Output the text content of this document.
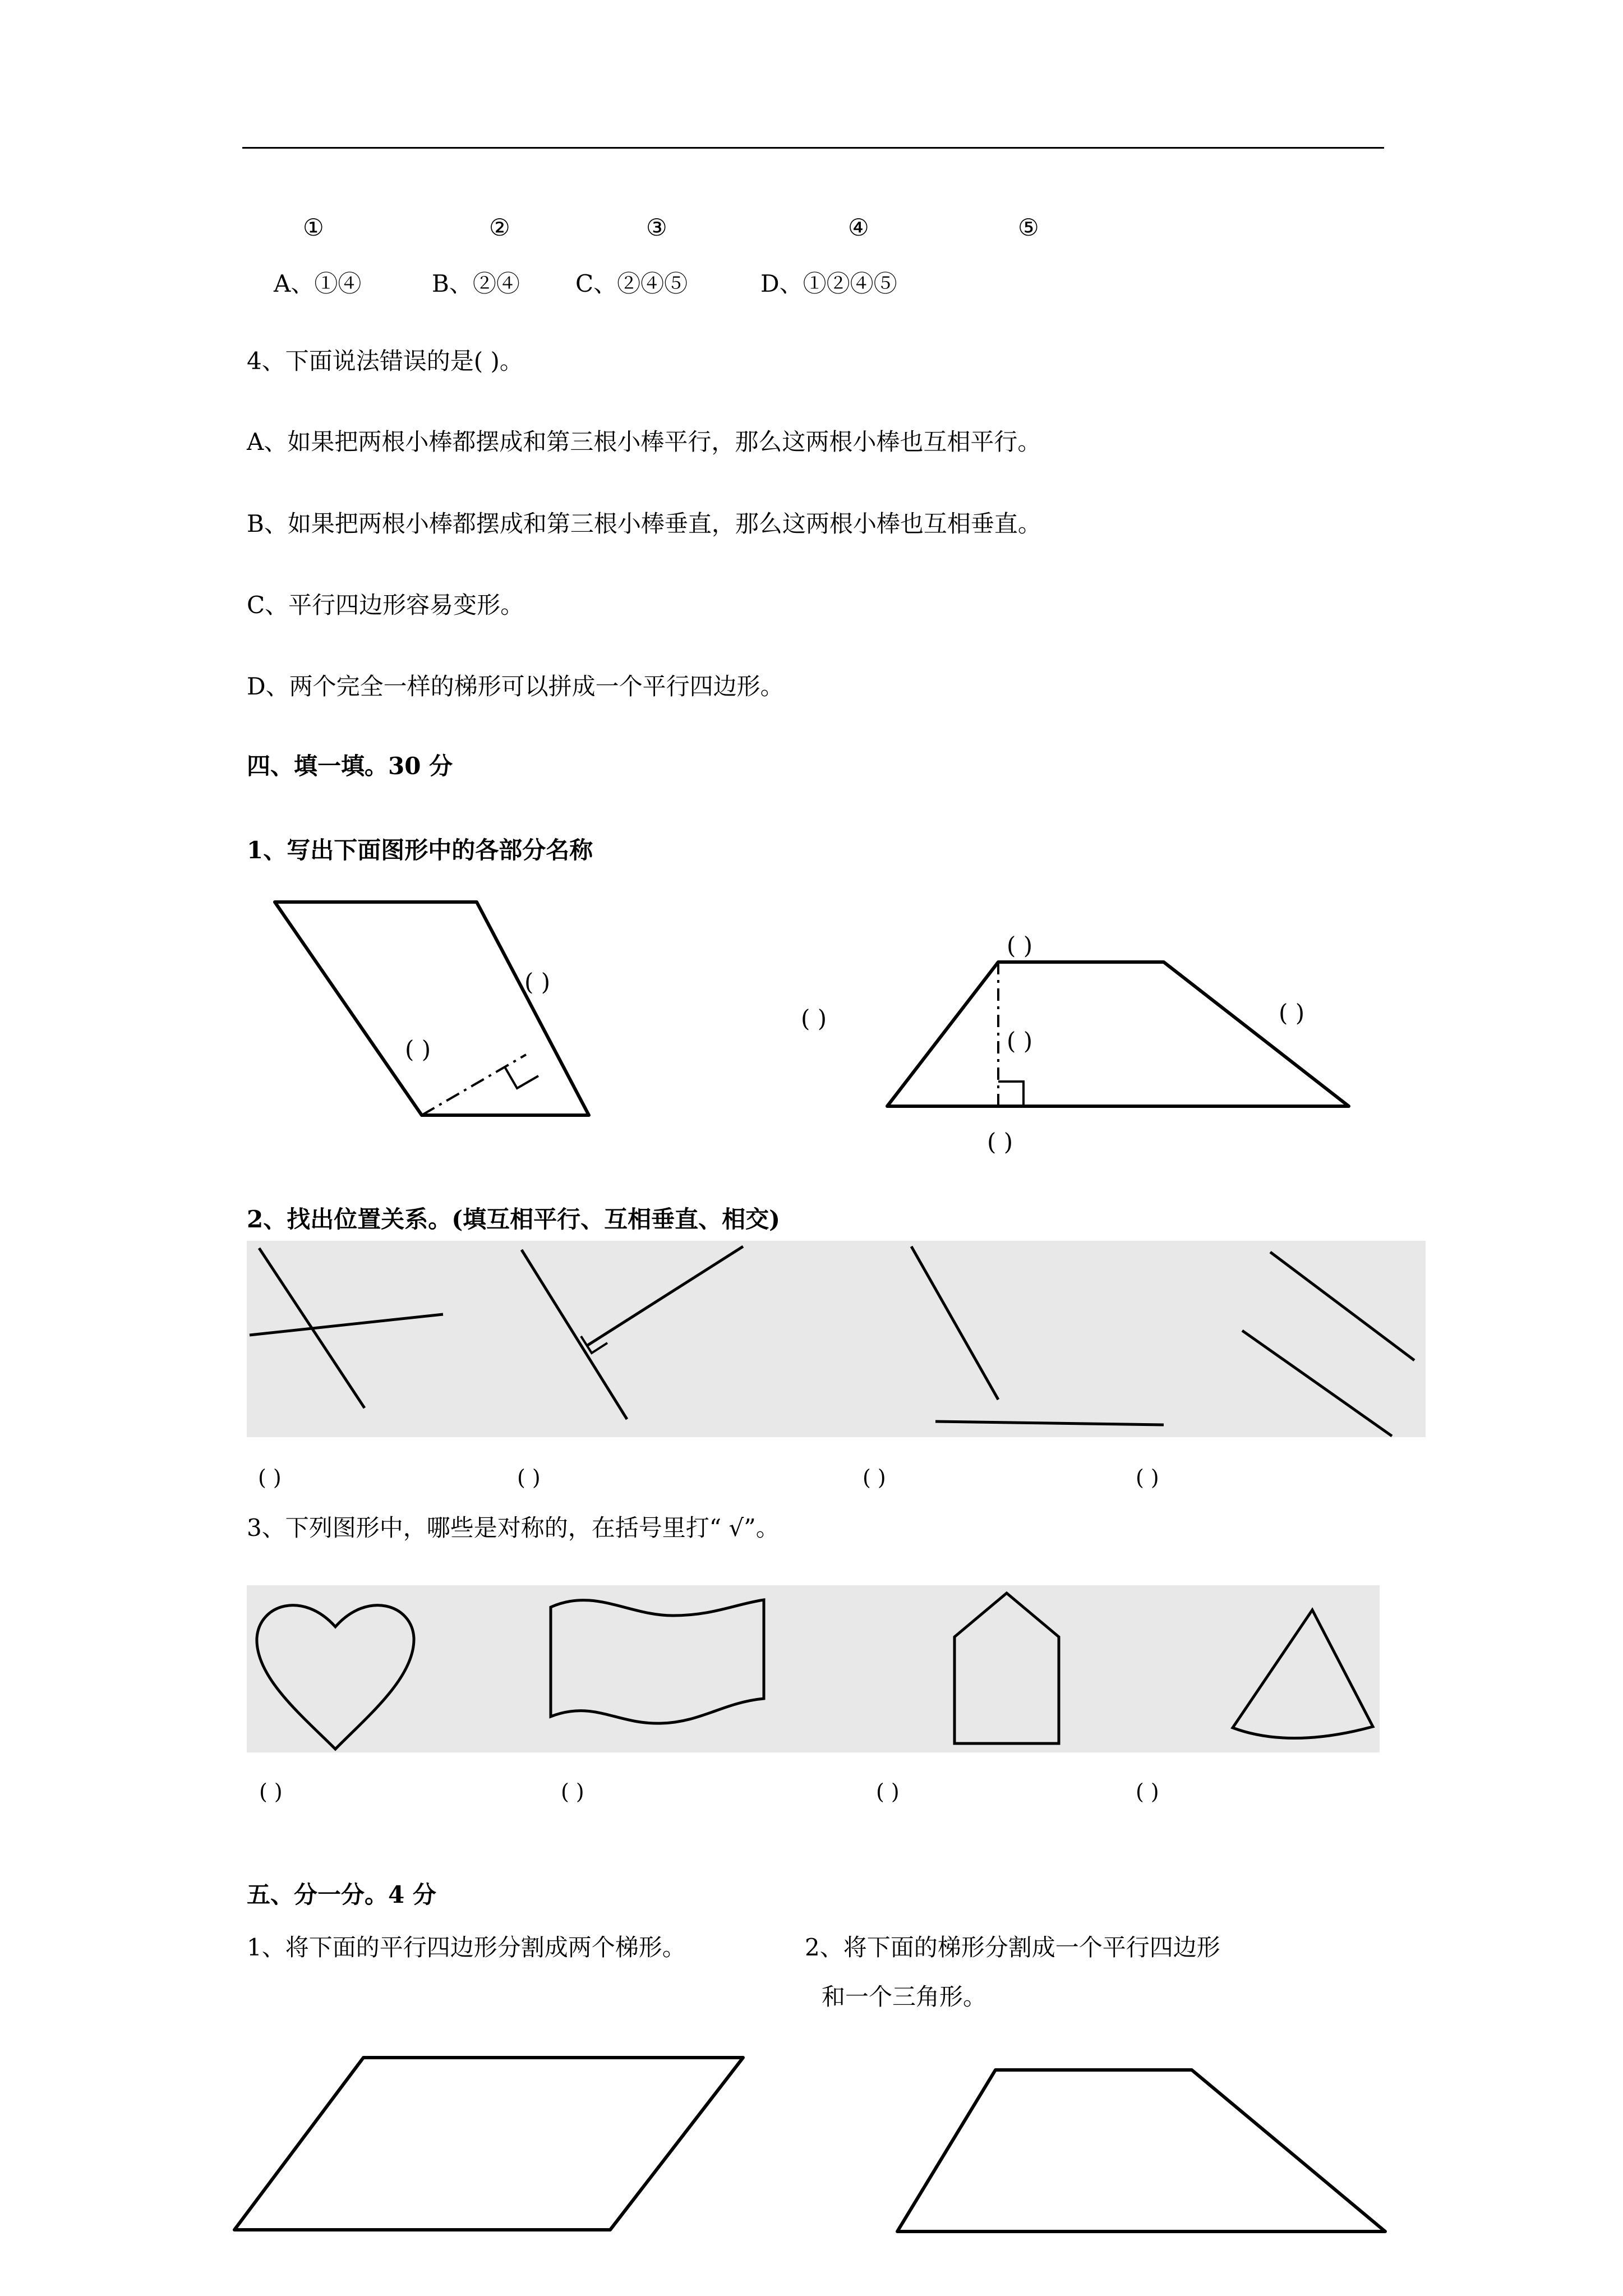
①	②	③	④	⑤
A、①④	B、②④ C、②④⑤	D、①②④⑤
4、下面说法错误的是( )。
A、如果把两根小棒都摆成和第三根小棒平行，那么这两根小棒也互相平行。
B、如果把两根小棒都摆成和第三根小棒垂直，那么这两根小棒也互相垂直。
C、平行四边形容易变形。
D、两个完全一样的梯形可以拼成一个平行四边形。
四、填一填。30 分
1、写出下面图形中的各部分名称
( )
( )
( )
( )	( )
( )
( )
2、找出位置关系。(填互相平行、互相垂直、相交)
( )	( )	( )	( )
3、下列图形中，哪些是对称的，在括号里打“ √”。
( )	( )	( )	( )
五、分一分。4 分
1、将下面的平行四边形分割成两个梯形。	2、将下面的梯形分割成一个平行四边形
和一个三角形。
